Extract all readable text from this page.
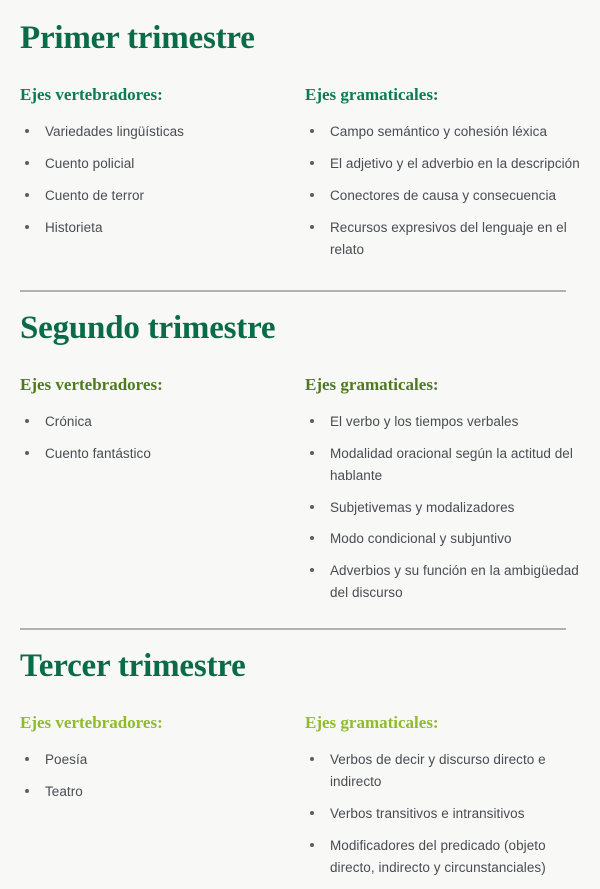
Primer trimestre
Ejes vertebradores:
Variedades lingüísticas
Cuento policial
Cuento de terror
Historieta
Ejes gramaticales:
Campo semántico y cohesión léxica
El adjetivo y el adverbio en la descripción
Conectores de causa y consecuencia
Recursos expresivos del lenguaje en el relato
Segundo trimestre
Ejes vertebradores:
Crónica
Cuento fantástico
Ejes gramaticales:
El verbo y los tiempos verbales
Modalidad oracional según la actitud del hablante
Subjetivemas y modalizadores
Modo condicional y subjuntivo
Adverbios y su función en la ambigüedad del discurso
Tercer trimestre
Ejes vertebradores:
Poesía
Teatro
Ejes gramaticales:
Verbos de decir y discurso directo e indirecto
Verbos transitivos e intransitivos
Modificadores del predicado (objeto directo, indirecto y circunstanciales)
